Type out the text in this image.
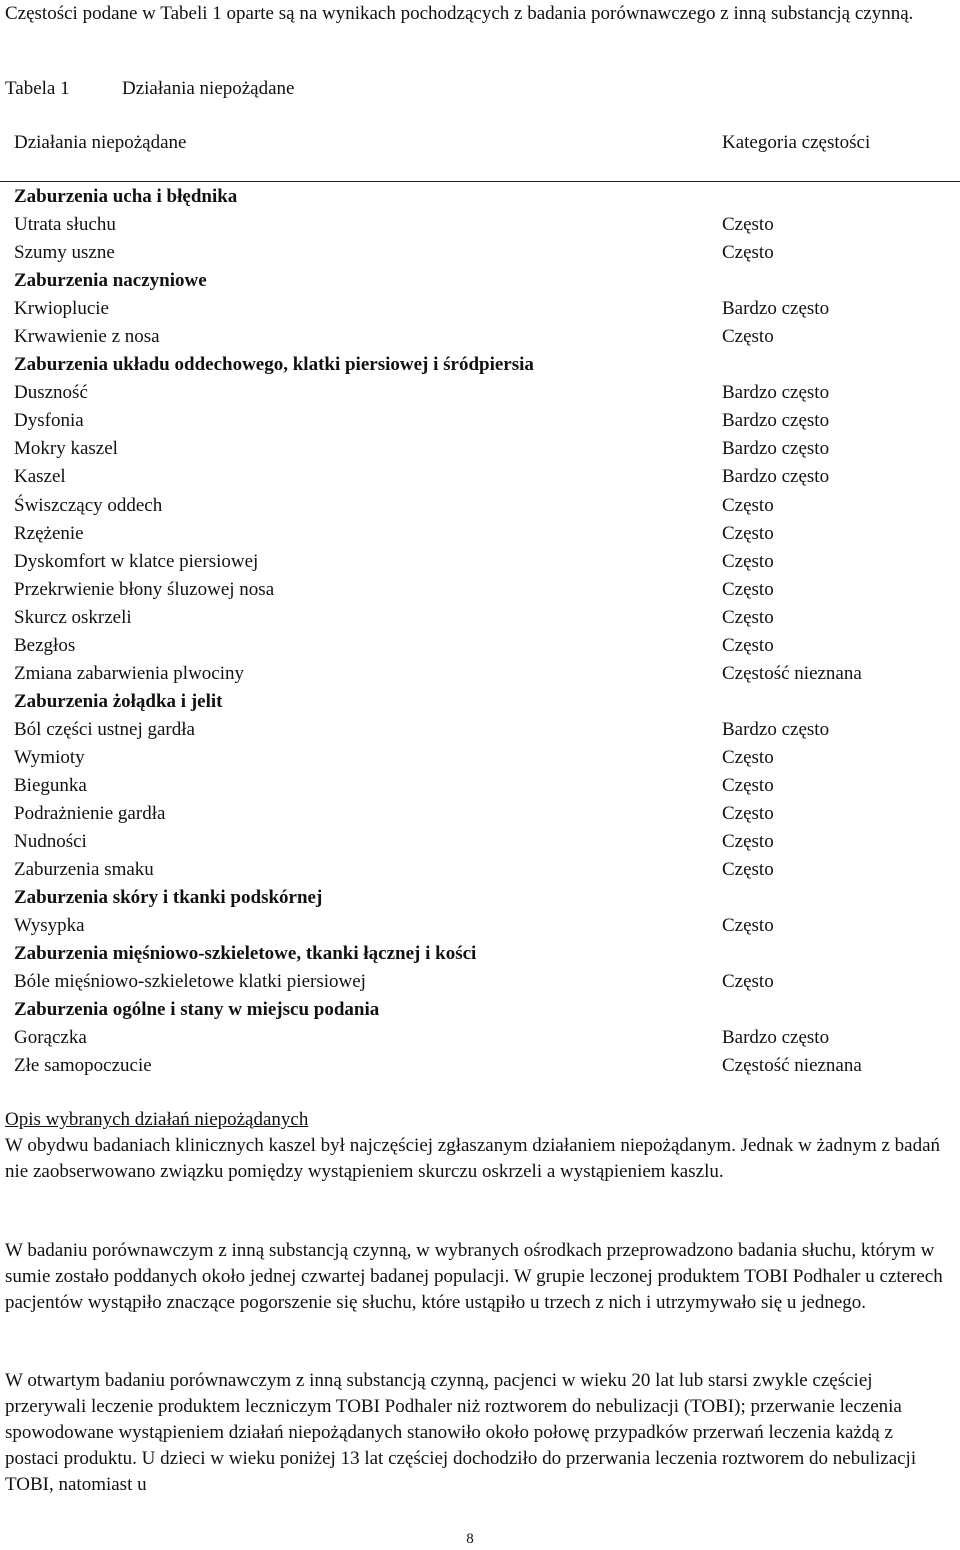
Częstości podane w Tabeli 1 oparte są na wynikach pochodzących z badania porównawczego z inną substancją czynną.
Tabela 1	Działania niepożądane
Działania niepożądane	Kategoria częstości
Zaburzenia ucha i błędnika
Utrata słuchu	Często
Szumy uszne	Często
Zaburzenia naczyniowe
Krwioplucie	Bardzo często
Krwawienie z nosa	Często
Zaburzenia układu oddechowego, klatki piersiowej i śródpiersia
Duszność	Bardzo często
Dysfonia	Bardzo często
Mokry kaszel	Bardzo często
Kaszel	Bardzo często
Świszczący oddech	Często
Rzężenie	Często
Dyskomfort w klatce piersiowej	Często
Przekrwienie błony śluzowej nosa	Często
Skurcz oskrzeli	Często
Bezgłos	Często
Zmiana zabarwienia plwociny	Częstość nieznana
Zaburzenia żołądka i jelit
Ból części ustnej gardła	Bardzo często
Wymioty	Często
Biegunka	Często
Podrażnienie gardła	Często
Nudności	Często
Zaburzenia smaku	Często
Zaburzenia skóry i tkanki podskórnej
Wysypka	Często
Zaburzenia mięśniowo-szkieletowe, tkanki łącznej i kości
Bóle mięśniowo-szkieletowe klatki piersiowej	Często
Zaburzenia ogólne i stany w miejscu podania
Gorączka	Bardzo często
Złe samopoczucie	Częstość nieznana
Opis wybranych działań niepożądanych

W obydwu badaniach klinicznych kaszel był najczęściej zgłaszanym działaniem niepożądanym. Jednak w żadnym z badań nie zaobserwowano związku pomiędzy wystąpieniem skurczu oskrzeli a wystąpieniem kaszlu.

W badaniu porównawczym z inną substancją czynną, w wybranych ośrodkach przeprowadzono badania słuchu, którym w sumie zostało poddanych około jednej czwartej badanej populacji. W grupie leczonej produktem TOBI Podhaler u czterech pacjentów wystąpiło znaczące pogorszenie się słuchu, które ustąpiło u trzech z nich i utrzymywało się u jednego.

W otwartym badaniu porównawczym z inną substancją czynną, pacjenci w wieku 20 lat lub starsi zwykle częściej przerywali leczenie produktem leczniczym TOBI Podhaler niż roztworem do nebulizacji (TOBI); przerwanie leczenia spowodowane wystąpieniem działań niepożądanych stanowiło około połowę przypadków przerwań leczenia każdą z postaci produktu. U dzieci w wieku poniżej 13 lat częściej dochodziło do przerwania leczenia roztworem do nebulizacji TOBI, natomiast u

8
